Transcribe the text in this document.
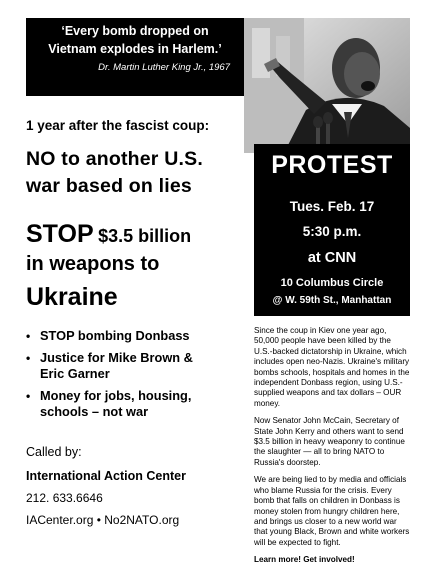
‘Every bomb dropped on
Vietnam explodes in Harlem.’
Dr. Martin Luther King Jr., 1967
1 year after the fascist coup:
NO to another U.S.
war based on lies
STOP $3.5 billion
in weapons to
Ukraine
• STOP bombing Donbass
• Justice for Mike Brown &
Eric Garner
• Money for jobs, housing,
schools – not war
Called by:
International Action Center
212. 633.6646
IACenter.org • No2NATO.org
PROTEST
Tues. Feb. 17
5:30 p.m.
at CNN
10 Columbus Circle
@ W. 59th St., Manhattan

Since the coup in Kiev one year ago, 50,000 people have been killed by the U.S.-backed dictatorship in Ukraine, which includes open neo-Nazis. Ukraine's military bombs schools, hospitals and homes in the independent Donbass region, using U.S.-supplied weapons and tax dollars – OUR money.

Now Senator John McCain, Secretary of State John Kerry and others want to send $3.5 billion in heavy weaponry to continue the slaughter — all to bring NATO to Russia's doorstep.

We are being lied to by media and officials who blame Russia for the crisis. Every bomb that falls on children in Donbass is money stolen from hungry children here, and brings us closer to a new world war that young Black, Brown and white workers will be expected to fight.

Learn more! Get involved!
